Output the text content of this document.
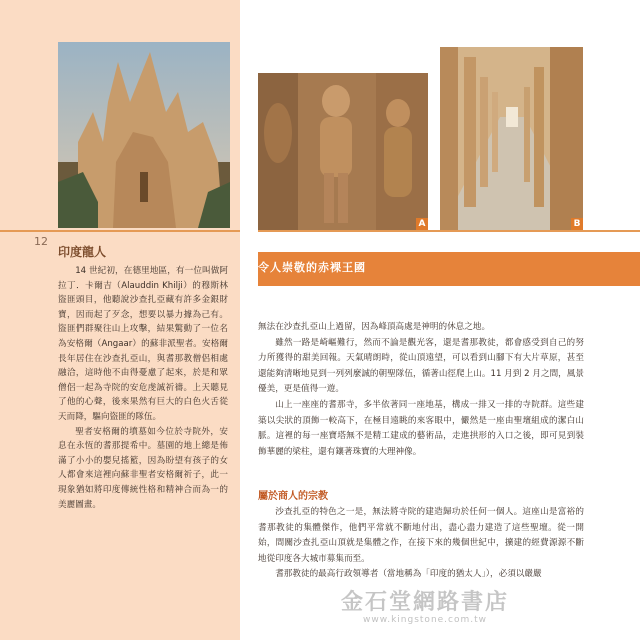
A	B
12
印度龍人

14 世紀初，在德里地區，有一位叫做阿拉丁．卡爾吉（Alauddin Khilji）的穆斯林盜匪頭目，他聽說沙查扎亞藏有許多金銀財寶，因而起了歹念，想要以暴力據為己有。盜匪們群聚往山上攻擊，結果驚動了一位名為安格爾（Angaar）的蘇非派聖者。安格爾長年居住在沙查扎亞山，與耆那教僧侶相處融洽，這時他不由得憂慮了起來，於是和眾僧侶一起為寺院的安危虔誠祈禱。上天聽見了他的心聲，後來果然有巨大的白色火舌從天而降，驅向盜匪的隊伍。

聖者安格爾的墳墓如今位於寺院外，安息在永恆的耆那提希中。墓園的地上總是佈滿了小小的嬰兒搖籃，因為盼望有孩子的女人都會來這裡向蘇非聖者安格爾祈子，此一現象猶如將印度傳統性格和精神合而為一的美麗圖畫。

令人崇敬的赤裸王國

無法在沙查扎亞山上過留，因為峰頂高處是神明的休息之地。

雖然一路是崎嶇難行，然而不論是觀光客，還是耆那教徒，都會感受到自己的努力所獲得的甜美回報。天氣晴朗時，從山頂遠望，可以看到山腳下有大片草原，甚至還能夠清晰地見到一列列麼誠的朝聖隊伍，循著山徑爬上山。11 月到 2 月之間，風景優美，更是值得一遊。

山上一座座的耆那寺，多半依著同一座地基，構成一排又一排的寺院群。這些建築以尖狀的頂飾一較高下，在極目遠眺的來客眼中，儼然是一座由聖壇組成的潔白山脈。這裡的每一座寶塔無不是精工建成的藝術品，走進拱形的入口之後，即可見到裝飾華麗的梁柱，還有鑲著珠寶的大理神像。

屬於商人的宗教

沙查扎亞的特色之一是，無法將寺院的建造歸功於任何一個人。這座山是富裕的耆那教徒的集體傑作，他們平常就不斷地付出，盡心盡力建造了這些聖壇。從一開始，間關沙查扎亞山頂就是集體之作，在接下來的幾個世紀中，擴建的經費源源不斷地從印度各大城市募集而至。

耆那教徒的最高行政領導者（當地稱為「印度的猶太人」），必須以嚴嚴

金石堂網路書店
www.kingstone.com.tw
